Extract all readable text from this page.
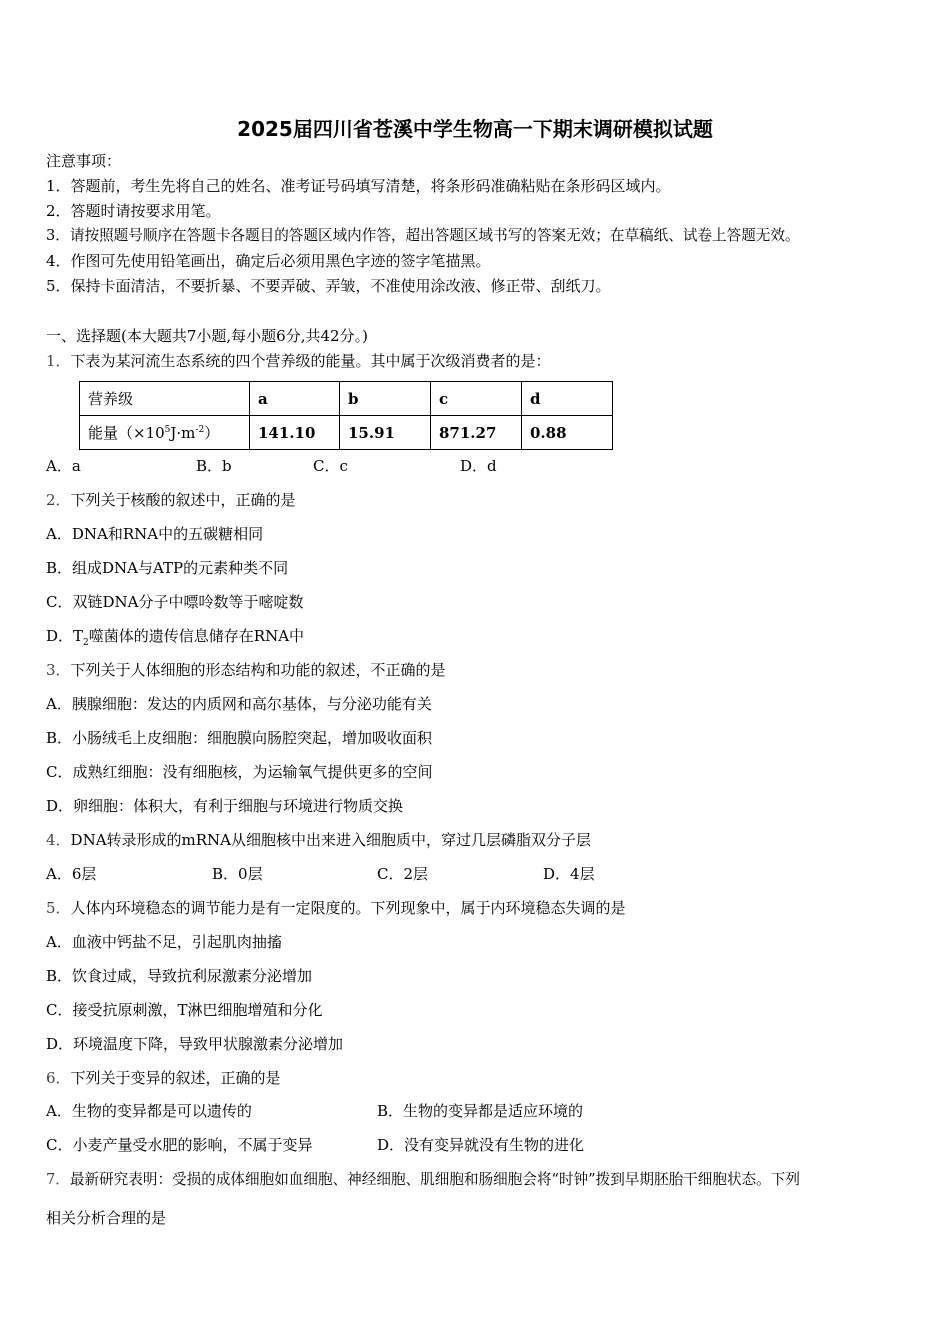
2025届四川省苍溪中学生物高一下期末调研模拟试题
注意事项：
1．答题前，考生先将自己的姓名、准考证号码填写清楚，将条形码准确粘贴在条形码区域内。
2．答题时请按要求用笔。
3．请按照题号顺序在答题卡各题目的答题区域内作答，超出答题区域书写的答案无效；在草稿纸、试卷上答题无效。
4．作图可先使用铅笔画出，确定后必须用黑色字迹的签字笔描黑。
5．保持卡面清洁，不要折暴、不要弄破、弄皱，不准使用涂改液、修正带、刮纸刀。
一、选择题(本大题共7小题,每小题6分,共42分。)
1．下表为某河流生态系统的四个营养级的能量。其中属于次级消费者的是：
营养级	a	b	c	d
能量$(\times 10^5J\cdot m^{-2})$	141.10	15.91	871.27	0.88
A．a	B．b	C．c	D．d
2．下列关于核酸的叙述中，正确的是
A．DNA和RNA中的五碳糖相同
B．组成DNA与ATP的元素种类不同
C．双链DNA分子中嘌呤数等于嘧啶数
D．$T_2$噬菌体的遗传信息储存在RNA中
3．下列关于人体细胞的形态结构和功能的叙述，不正确的是
A．胰腺细胞：发达的内质网和高尔基体，与分泌功能有关
B．小肠绒毛上皮细胞：细胞膜向肠腔突起，增加吸收面积
C．成熟红细胞：没有细胞核，为运输氧气提供更多的空间
D．卵细胞：体积大，有利于细胞与环境进行物质交换
4．DNA转录形成的mRNA从细胞核中出来进入细胞质中，穿过几层磷脂双分子层
A．6层	B．0层	C．2层	D．4层
5．人体内环境稳态的调节能力是有一定限度的。下列现象中，属于内环境稳态失调的是
A．血液中钙盐不足，引起肌肉抽搐
B．饮食过咸，导致抗利尿激素分泌增加
C．接受抗原刺激，T淋巴细胞增殖和分化
D．环境温度下降，导致甲状腺激素分泌增加
6．下列关于变异的叙述，正确的是
A．生物的变异都是可以遗传的	B．生物的变异都是适应环境的
C．小麦产量受水肥的影响，不属于变异	D．没有变异就没有生物的进化
7．最新研究表明：受损的成体细胞如血细胞、神经细胞、肌细胞和肠细胞会将“时钟”拨到早期胚胎干细胞状态。下列
相关分析合理的是
